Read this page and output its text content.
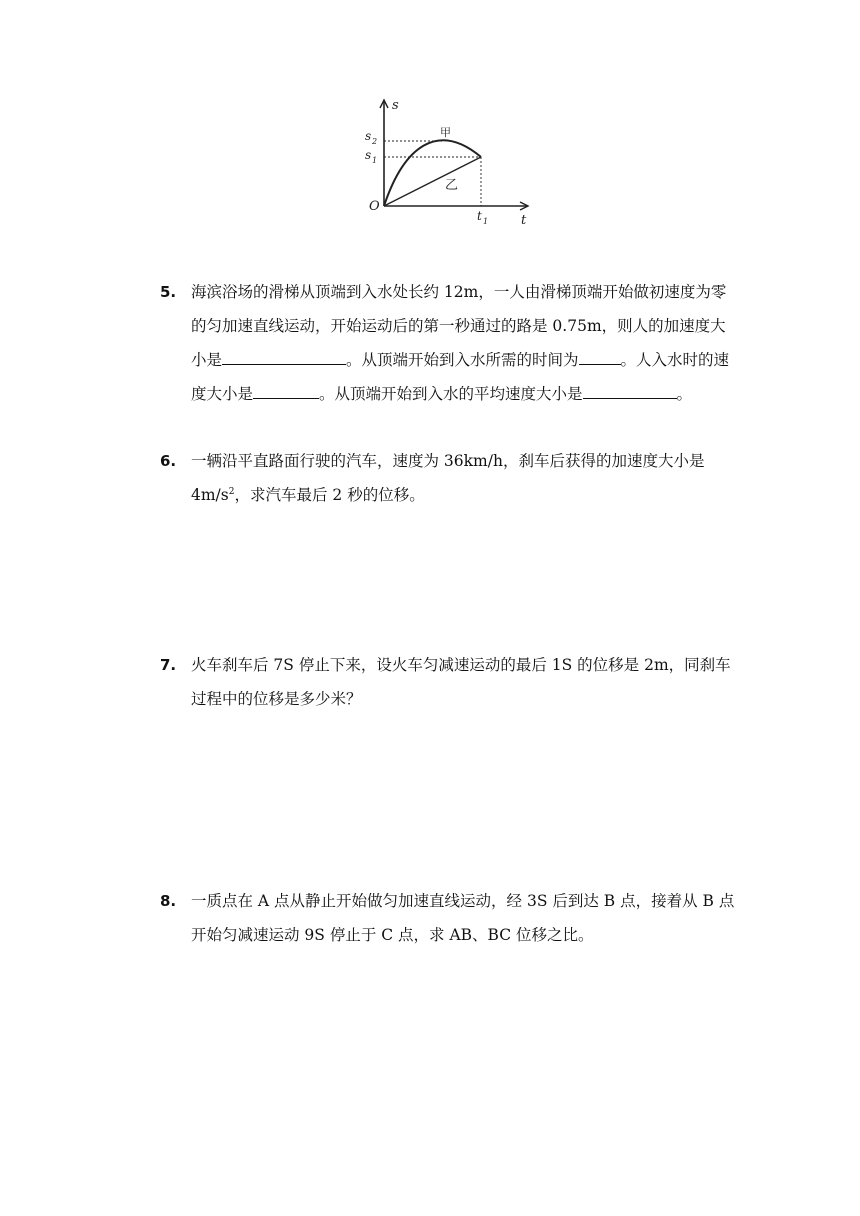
s
t
O
s 2
s 1
t 1
甲
乙
5. 海滨浴场的滑梯从顶端到入水处长约 12m，一人由滑梯顶端开始做初速度为零的匀加速直线运动，开始运动后的第一秒通过的路是 0.75m，则人的加速度大小是	。从顶端开始到入水所需的时间为	。人入水时的速度大小是	。从顶端开始到入水的平均速度大小是	。
6. 一辆沿平直路面行驶的汽车，速度为 36km/h，刹车后获得的加速度大小是 $4m/s^2$，求汽车最后 2 秒的位移。
7. 火车刹车后 7S 停止下来，设火车匀减速运动的最后 1S 的位移是 2m，同刹车过程中的位移是多少米？
8. 一质点在 A 点从静止开始做匀加速直线运动，经 3S 后到达 B 点，接着从 B 点开始匀减速运动 9S 停止于 C 点，求 AB、BC 位移之比。
